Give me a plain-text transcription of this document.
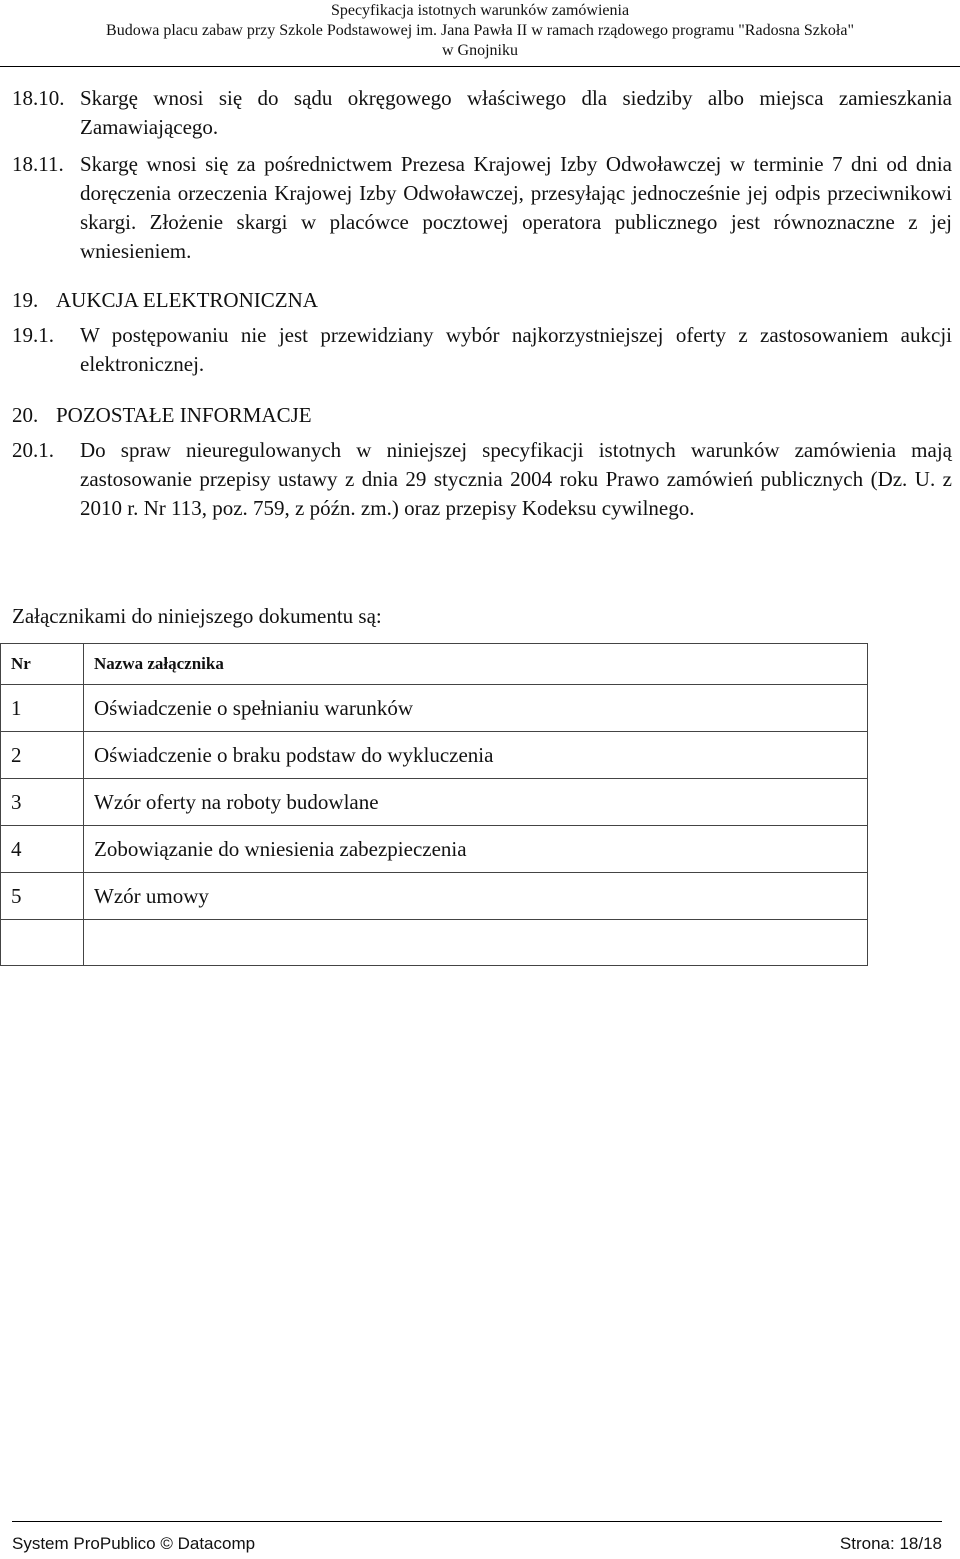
Specyfikacja istotnych warunków zamówienia
Budowa placu zabaw przy Szkole Podstawowej im. Jana Pawła II w ramach rządowego programu "Radosna Szkoła"
w Gnojniku
18.10. Skargę wnosi się do sądu okręgowego właściwego dla siedziby albo miejsca zamieszkania Zamawiającego.
18.11. Skargę wnosi się za pośrednictwem Prezesa Krajowej Izby Odwoławczej w terminie 7 dni od dnia doręczenia orzeczenia Krajowej Izby Odwoławczej, przesyłając jednocześnie jej odpis przeciwnikowi skargi. Złożenie skargi w placówce pocztowej operatora publicznego jest równoznaczne z jej wniesieniem.
19. AUKCJA ELEKTRONICZNA
19.1.	W postępowaniu nie jest przewidziany wybór najkorzystniejszej oferty z zastosowaniem aukcji elektronicznej.
20. POZOSTAŁE INFORMACJE
20.1.	Do spraw nieuregulowanych w niniejszej specyfikacji istotnych warunków zamówienia mają zastosowanie przepisy ustawy z dnia 29 stycznia 2004 roku Prawo zamówień publicznych (Dz. U. z 2010 r. Nr 113, poz. 759, z późn. zm.) oraz przepisy Kodeksu cywilnego.
Załącznikami do niniejszego dokumentu są:
Nr	Nazwa załącznika
1	Oświadczenie o spełnianiu warunków
2	Oświadczenie o braku podstaw do wykluczenia
3	Wzór oferty na roboty budowlane
4	Zobowiązanie do wniesienia zabezpieczenia
5	Wzór umowy

System ProPublico © Datacomp	Strona: 18/18
